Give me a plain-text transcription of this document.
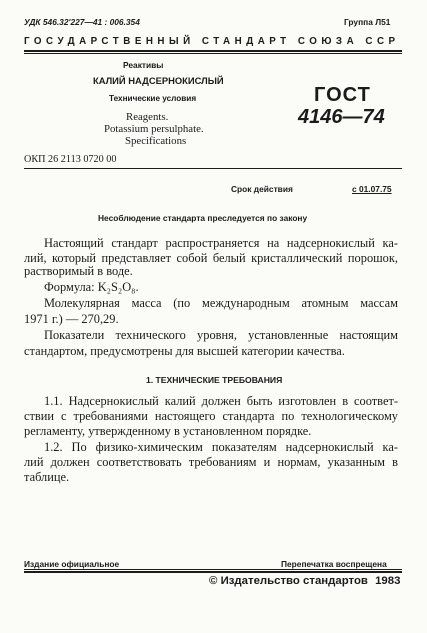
УДК 546.32'227—41 : 006.354	Группа Л51
ГОСУДАРСТВЕННЫЙ СТАНДАРТ СОЮЗА ССР
Реактивы
КАЛИЙ НАДСЕРНОКИСЛЫЙ
Технические условия
Reagents.
Potassium persulphate.
Specifications
ГОСТ
4146—74
ОКП 26 2113 0720 00
Срок действия	с 01.07.75
Несоблюдение стандарта преследуется по закону
Настоящий стандарт распространяется на надсернокислый ка-
лий, который представляет собой белый кристаллический порошок,
растворимый в воде.
Формула: K₂S₂O₈.
Молекулярная масса (по международным атомным массам
1971 г.) — 270,29.
Показатели технического уровня, установленные настоящим
стандартом, предусмотрены для высшей категории качества.
1. ТЕХНИЧЕСКИЕ ТРЕБОВАНИЯ
1.1. Надсернокислый калий должен быть изготовлен в соответ-
ствии с требованиями настоящего стандарта по технологическому
регламенту, утвержденному в установленном порядке.
1.2. По физико-химическим показателям надсернокислый ка-
лий должен соответствовать требованиям и нормам, указанным в
таблице.
Издание официальное	Перепечатка воспрещена
© Издательство стандартов 1983
